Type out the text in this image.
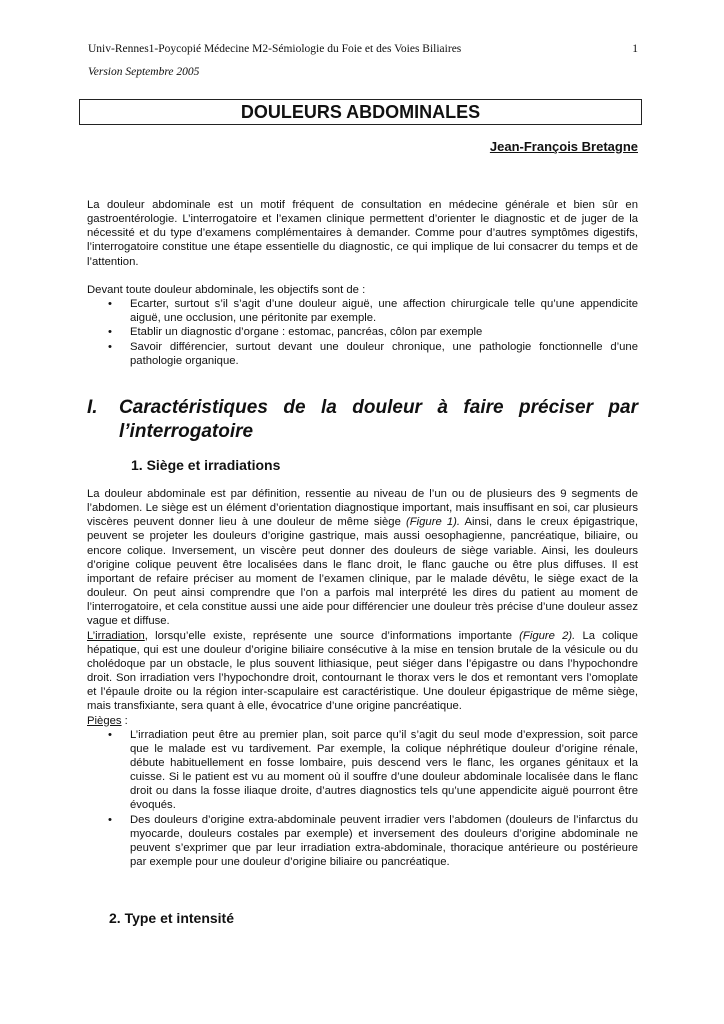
Univ-Rennes1-Poycopié Médecine M2-Sémiologie du Foie et des Voies Biliaires	1
Version Septembre 2005
DOULEURS ABDOMINALES
Jean-François Bretagne

La douleur abdominale est un motif fréquent de consultation en médecine générale et bien sûr en gastroentérologie. L’interrogatoire et l’examen clinique permettent d’orienter le diagnostic et de juger de la nécessité et du type d’examens complémentaires à demander. Comme pour d’autres symptômes digestifs, l’interrogatoire constitue une étape essentielle du diagnostic, ce qui implique de lui consacrer du temps et de l’attention.

Devant toute douleur abdominale, les objectifs sont de :

• Ecarter, surtout s’il s’agit d’une douleur aiguë, une affection chirurgicale telle qu’une appendicite aiguë, une occlusion, une péritonite par exemple.
• Etablir un diagnostic d’organe : estomac, pancréas, côlon par exemple
• Savoir différencier, surtout devant une douleur chronique, une pathologie fonctionnelle d’une pathologie organique.
I. Caractéristiques de la douleur à faire préciser par l’interrogatoire
1. Siège et irradiations

La douleur abdominale est par définition, ressentie au niveau de l’un ou de plusieurs des 9 segments de l’abdomen. Le siège est un élément d’orientation diagnostique important, mais insuffisant en soi, car plusieurs viscères peuvent donner lieu à une douleur de même siège (Figure 1). Ainsi, dans le creux épigastrique, peuvent se projeter les douleurs d’origine gastrique, mais aussi oesophagienne, pancréatique, biliaire, ou encore colique. Inversement, un viscère peut donner des douleurs de siège variable. Ainsi, les douleurs d’origine colique peuvent être localisées dans le flanc droit, le flanc gauche ou être plus diffuses. Il est important de refaire préciser au moment de l’examen clinique, par le malade dévêtu, le siège exact de la douleur. On peut ainsi comprendre que l’on a parfois mal interprété les dires du patient au moment de l’interrogatoire, et cela constitue aussi une aide pour différencier une douleur très précise d’une douleur assez vague et diffuse.

L’irradiation, lorsqu’elle existe, représente une source d’informations importante (Figure 2). La colique hépatique, qui est une douleur d’origine biliaire consécutive à la mise en tension brutale de la vésicule ou du cholédoque par un obstacle, le plus souvent lithiasique, peut siéger dans l’épigastre ou dans l’hypochondre droit. Son irradiation vers l’hypochondre droit, contournant le thorax vers le dos et remontant vers l’omoplate et l’épaule droite ou la région inter-scapulaire est caractéristique. Une douleur épigastrique de même siège, mais transfixiante, sera quant à elle, évocatrice d’une origine pancréatique.

Pièges :

• L’irradiation peut être au premier plan, soit parce qu’il s’agit du seul mode d’expression, soit parce que le malade est vu tardivement. Par exemple, la colique néphrétique douleur d’origine rénale, débute habituellement en fosse lombaire, puis descend vers le flanc, les organes génitaux et la cuisse. Si le patient est vu au moment où il souffre d’une douleur abdominale localisée dans le flanc droit ou dans la fosse iliaque droite, d’autres diagnostics tels qu’une appendicite aiguë pourront être évoqués.
• Des douleurs d’origine extra-abdominale peuvent irradier vers l’abdomen (douleurs de l’infarctus du myocarde, douleurs costales par exemple) et inversement des douleurs d’origine abdominale ne peuvent s’exprimer que par leur irradiation extra-abdominale, thoracique antérieure ou postérieure par exemple pour une douleur d’origine biliaire ou pancréatique.
2. Type et intensité
